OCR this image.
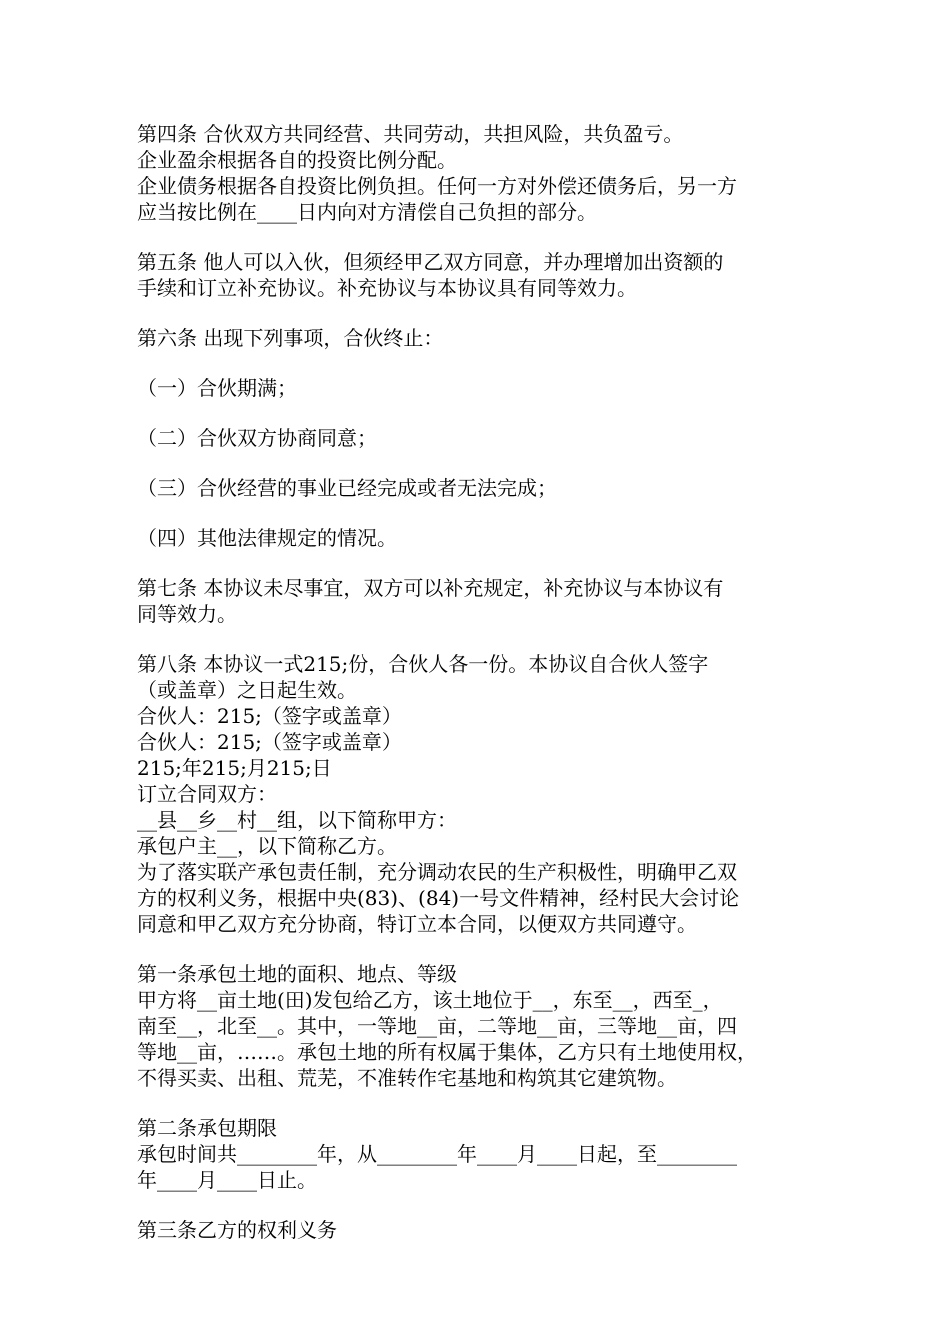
第四条 合伙双方共同经营、共同劳动，共担风险，共负盈亏。
企业盈余根据各自的投资比例分配。
企业债务根据各自投资比例负担。任何一方对外偿还债务后，另一方
应当按比例在____日内向对方清偿自己负担的部分。
第五条 他人可以入伙，但须经甲乙双方同意，并办理增加出资额的
手续和订立补充协议。补充协议与本协议具有同等效力。
第六条 出现下列事项，合伙终止：
（一）合伙期满；
（二）合伙双方协商同意；
（三）合伙经营的事业已经完成或者无法完成；
（四）其他法律规定的情况。
第七条 本协议未尽事宜，双方可以补充规定，补充协议与本协议有
同等效力。
第八条 本协议一式215;份，合伙人各一份。本协议自合伙人签字
（或盖章）之日起生效。
合伙人：215;（签字或盖章）
合伙人：215;（签字或盖章）
215;年215;月215;日
订立合同双方：
__县__乡__村__组，以下简称甲方：
承包户主__，以下简称乙方。
为了落实联产承包责任制，充分调动农民的生产积极性，明确甲乙双
方的权利义务，根据中央(83)、(84)一号文件精神，经村民大会讨论
同意和甲乙双方充分协商，特订立本合同，以便双方共同遵守。
第一条承包土地的面积、地点、等级
甲方将__亩土地(田)发包给乙方，该土地位于__，东至__，西至_，
南至__，北至__。其中，一等地__亩，二等地__亩，三等地__亩，四
等地__亩，……。承包土地的所有权属于集体，乙方只有土地使用权，
不得买卖、出租、荒芜，不准转作宅基地和构筑其它建筑物。
第二条承包期限
承包时间共________年，从________年____月____日起，至________
年____月____日止。
第三条乙方的权利义务
